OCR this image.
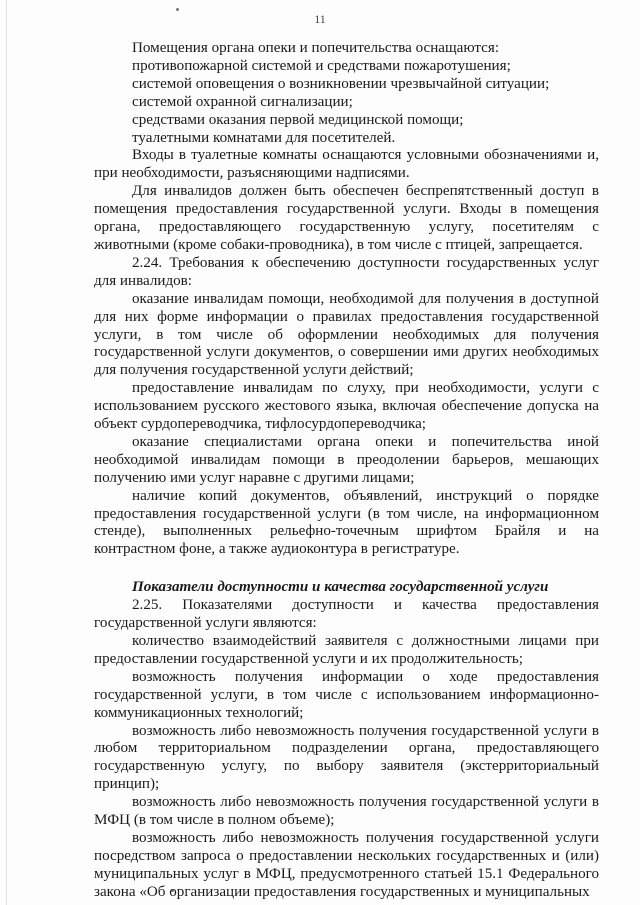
11

Помещения органа опеки и попечительства оснащаются:

противопожарной системой и средствами пожаротушения;

системой оповещения о возникновении чрезвычайной ситуации;

системой охранной сигнализации;

средствами оказания первой медицинской помощи;

туалетными комнатами для посетителей.

Входы в туалетные комнаты оснащаются условными обозначениями и, при необходимости, разъясняющими надписями.

Для инвалидов должен быть обеспечен беспрепятственный доступ в помещения предоставления государственной услуги. Входы в помещения органа, предоставляющего государственную услугу, посетителям с животными (кроме собаки-проводника), в том числе с птицей, запрещается.

2.24. Требования к обеспечению доступности государственных услуг для инвалидов:

оказание инвалидам помощи, необходимой для получения в доступной для них форме информации о правилах предоставления государственной услуги, в том числе об оформлении необходимых для получения государственной услуги документов, о совершении ими других необходимых для получения государственной услуги действий;

предоставление инвалидам по слуху, при необходимости, услуги с использованием русского жестового языка, включая обеспечение допуска на объект сурдопереводчика, тифлосурдопереводчика;

оказание специалистами органа опеки и попечительства иной необходимой инвалидам помощи в преодолении барьеров, мешающих получению ими услуг наравне с другими лицами;

наличие копий документов, объявлений, инструкций о порядке предоставления государственной услуги (в том числе, на информационном стенде), выполненных рельефно-точечным шрифтом Брайля и на контрастном фоне, а также аудиоконтура в регистратуре.

Показатели доступности и качества государственной услуги

2.25. Показателями доступности и качества предоставления государственной услуги являются:

количество взаимодействий заявителя с должностными лицами при предоставлении государственной услуги и их продолжительность;

возможность получения информации о ходе предоставления государственной услуги, в том числе с использованием информационно-коммуникационных технологий;

возможность либо невозможность получения государственной услуги в любом территориальном подразделении органа, предоставляющего государственную услугу, по выбору заявителя (экстерриториальный принцип);

возможность либо невозможность получения государственной услуги в МФЦ (в том числе в полном объеме);

возможность либо невозможность получения государственной услуги посредством запроса о предоставлении нескольких государственных и (или) муниципальных услуг в МФЦ, предусмотренного статьей 15.1 Федерального закона «Об организации предоставления государственных и муниципальных
